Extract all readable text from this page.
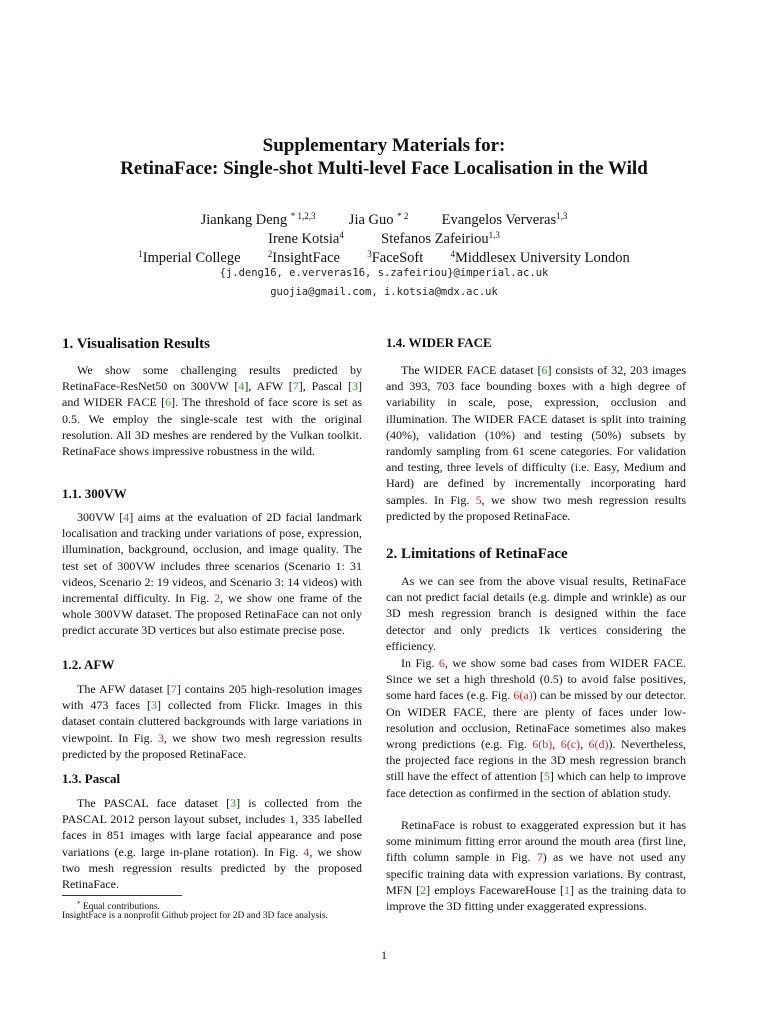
Supplementary Materials for:
RetinaFace: Single-shot Multi-level Face Localisation in the Wild
Jiankang Deng $^{* 1,2,3}$ Jia Guo $^{* 2}$ Evangelos Ververas$^{1,3}$
Irene Kotsia$^4$	Stefanos Zafeiriou$^{1,3}$
$^1$Imperial College	$^2$InsightFace	$^3$FaceSoft	$^4$Middlesex University London
{j.deng16, e.ververas16, s.zafeiriou}@imperial.ac.uk
guojia@gmail.com, i.kotsia@mdx.ac.uk
1. Visualisation Results

We show some challenging results predicted by RetinaFace-ResNet50 on 300VW [4], AFW [7], Pascal [3] and WIDER FACE [6]. The threshold of face score is set as 0.5. We employ the single-scale test with the original resolution. All 3D meshes are rendered by the Vulkan toolkit. RetinaFace shows impressive robustness in the wild.

1.1. 300VW

300VW [4] aims at the evaluation of 2D facial landmark localisation and tracking under variations of pose, expression, illumination, background, occlusion, and image quality. The test set of 300VW includes three scenarios (Scenario 1: 31 videos, Scenario 2: 19 videos, and Scenario 3: 14 videos) with incremental difficulty. In Fig. 2, we show one frame of the whole 300VW dataset. The proposed RetinaFace can not only predict accurate 3D vertices but also estimate precise pose.

1.2. AFW

The AFW dataset [7] contains 205 high-resolution images with 473 faces [3] collected from Flickr. Images in this dataset contain cluttered backgrounds with large variations in viewpoint. In Fig. 3, we show two mesh regression results predicted by the proposed RetinaFace.

1.3. Pascal

The PASCAL face dataset [3] is collected from the PASCAL 2012 person layout subset, includes 1, 335 labelled faces in 851 images with large facial appearance and pose variations (e.g. large in-plane rotation). In Fig. 4, we show two mesh regression results predicted by the proposed RetinaFace.

1.4. WIDER FACE

The WIDER FACE dataset [6] consists of 32, 203 images and 393, 703 face bounding boxes with a high degree of variability in scale, pose, expression, occlusion and illumination. The WIDER FACE dataset is split into training (40%), validation (10%) and testing (50%) subsets by randomly sampling from 61 scene categories. For validation and testing, three levels of difficulty (i.e. Easy, Medium and Hard) are defined by incrementally incorporating hard samples. In Fig. 5, we show two mesh regression results predicted by the proposed RetinaFace.

2. Limitations of RetinaFace

As we can see from the above visual results, RetinaFace can not predict facial details (e.g. dimple and wrinkle) as our 3D mesh regression branch is designed within the face detector and only predicts 1k vertices considering the efficiency.

In Fig. 6, we show some bad cases from WIDER FACE. Since we set a high threshold (0.5) to avoid false positives, some hard faces (e.g. Fig. 6(a)) can be missed by our detector. On WIDER FACE, there are plenty of faces under low-resolution and occlusion, RetinaFace sometimes also makes wrong predictions (e.g. Fig. 6(b), 6(c), 6(d)). Nevertheless, the projected face regions in the 3D mesh regression branch still have the effect of attention [5] which can help to improve face detection as confirmed in the section of ablation study.

RetinaFace is robust to exaggerated expression but it has some minimum fitting error around the mouth area (first line, fifth column sample in Fig. 7) as we have not used any specific training data with expression variations. By contrast, MFN [2] employs FacewareHouse [1] as the training data to improve the 3D fitting under exaggerated expressions.

* Equal contributions.
InsightFace is a nonprofit Github project for 2D and 3D face analysis.
1
